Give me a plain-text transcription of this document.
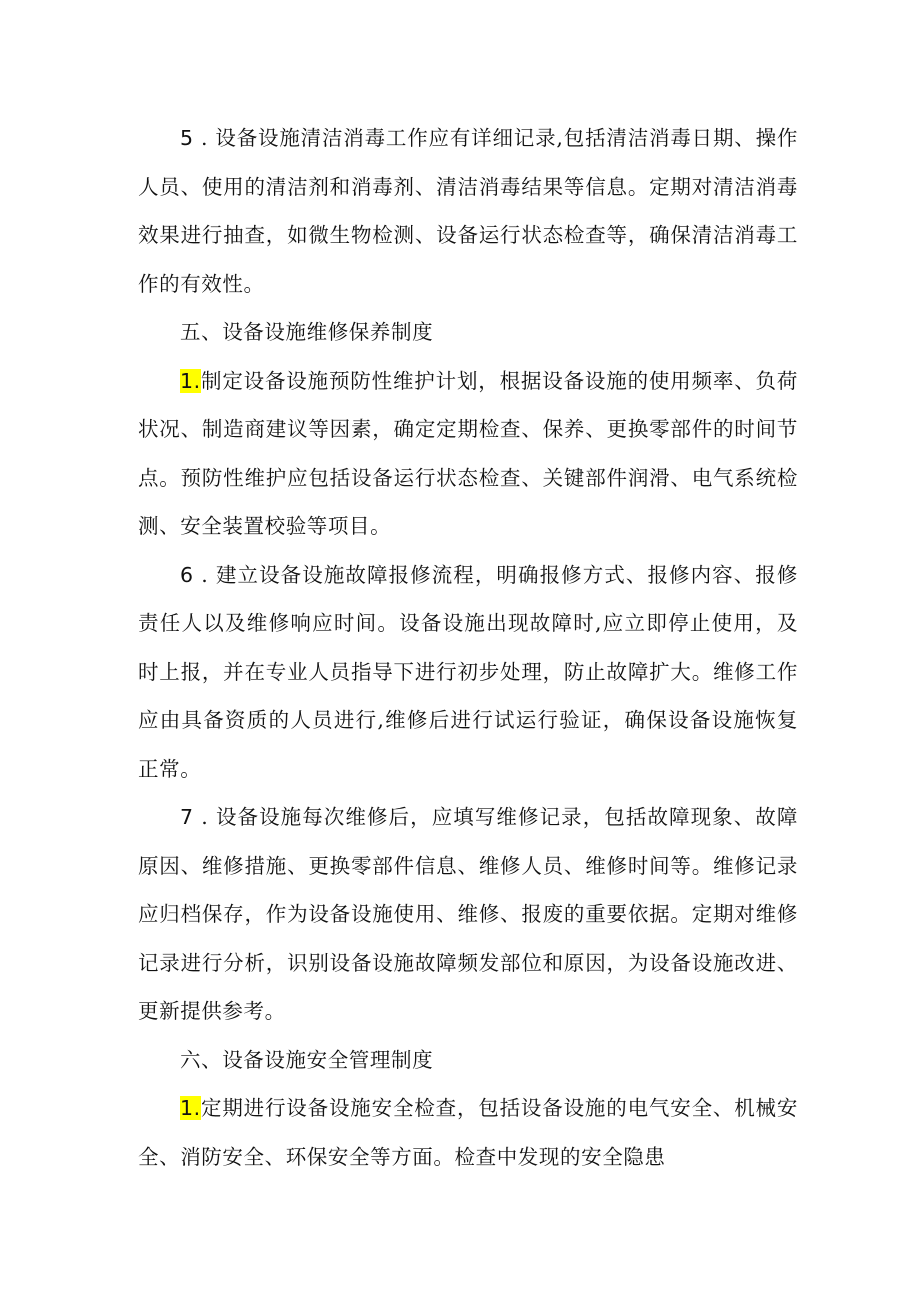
5 . 设备设施清洁消毒工作应有详细记录,包括清洁消毒日期、操作人员、使用的清洁剂和消毒剂、清洁消毒结果等信息。定期对清洁消毒效果进行抽查，如微生物检测、设备运行状态检查等，确保清洁消毒工作的有效性。

五、设备设施维修保养制度

1.制定设备设施预防性维护计划，根据设备设施的使用频率、负荷状况、制造商建议等因素，确定定期检查、保养、更换零部件的时间节点。预防性维护应包括设备运行状态检查、关键部件润滑、电气系统检测、安全装置校验等项目。

6 . 建立设备设施故障报修流程，明确报修方式、报修内容、报修责任人以及维修响应时间。设备设施出现故障时,应立即停止使用，及时上报，并在专业人员指导下进行初步处理，防止故障扩大。维修工作应由具备资质的人员进行,维修后进行试运行验证，确保设备设施恢复正常。

7 . 设备设施每次维修后，应填写维修记录，包括故障现象、故障原因、维修措施、更换零部件信息、维修人员、维修时间等。维修记录应归档保存，作为设备设施使用、维修、报废的重要依据。定期对维修记录进行分析，识别设备设施故障频发部位和原因，为设备设施改进、更新提供参考。

六、设备设施安全管理制度

1.定期进行设备设施安全检查，包括设备设施的电气安全、机械安全、消防安全、环保安全等方面。检查中发现的安全隐患
